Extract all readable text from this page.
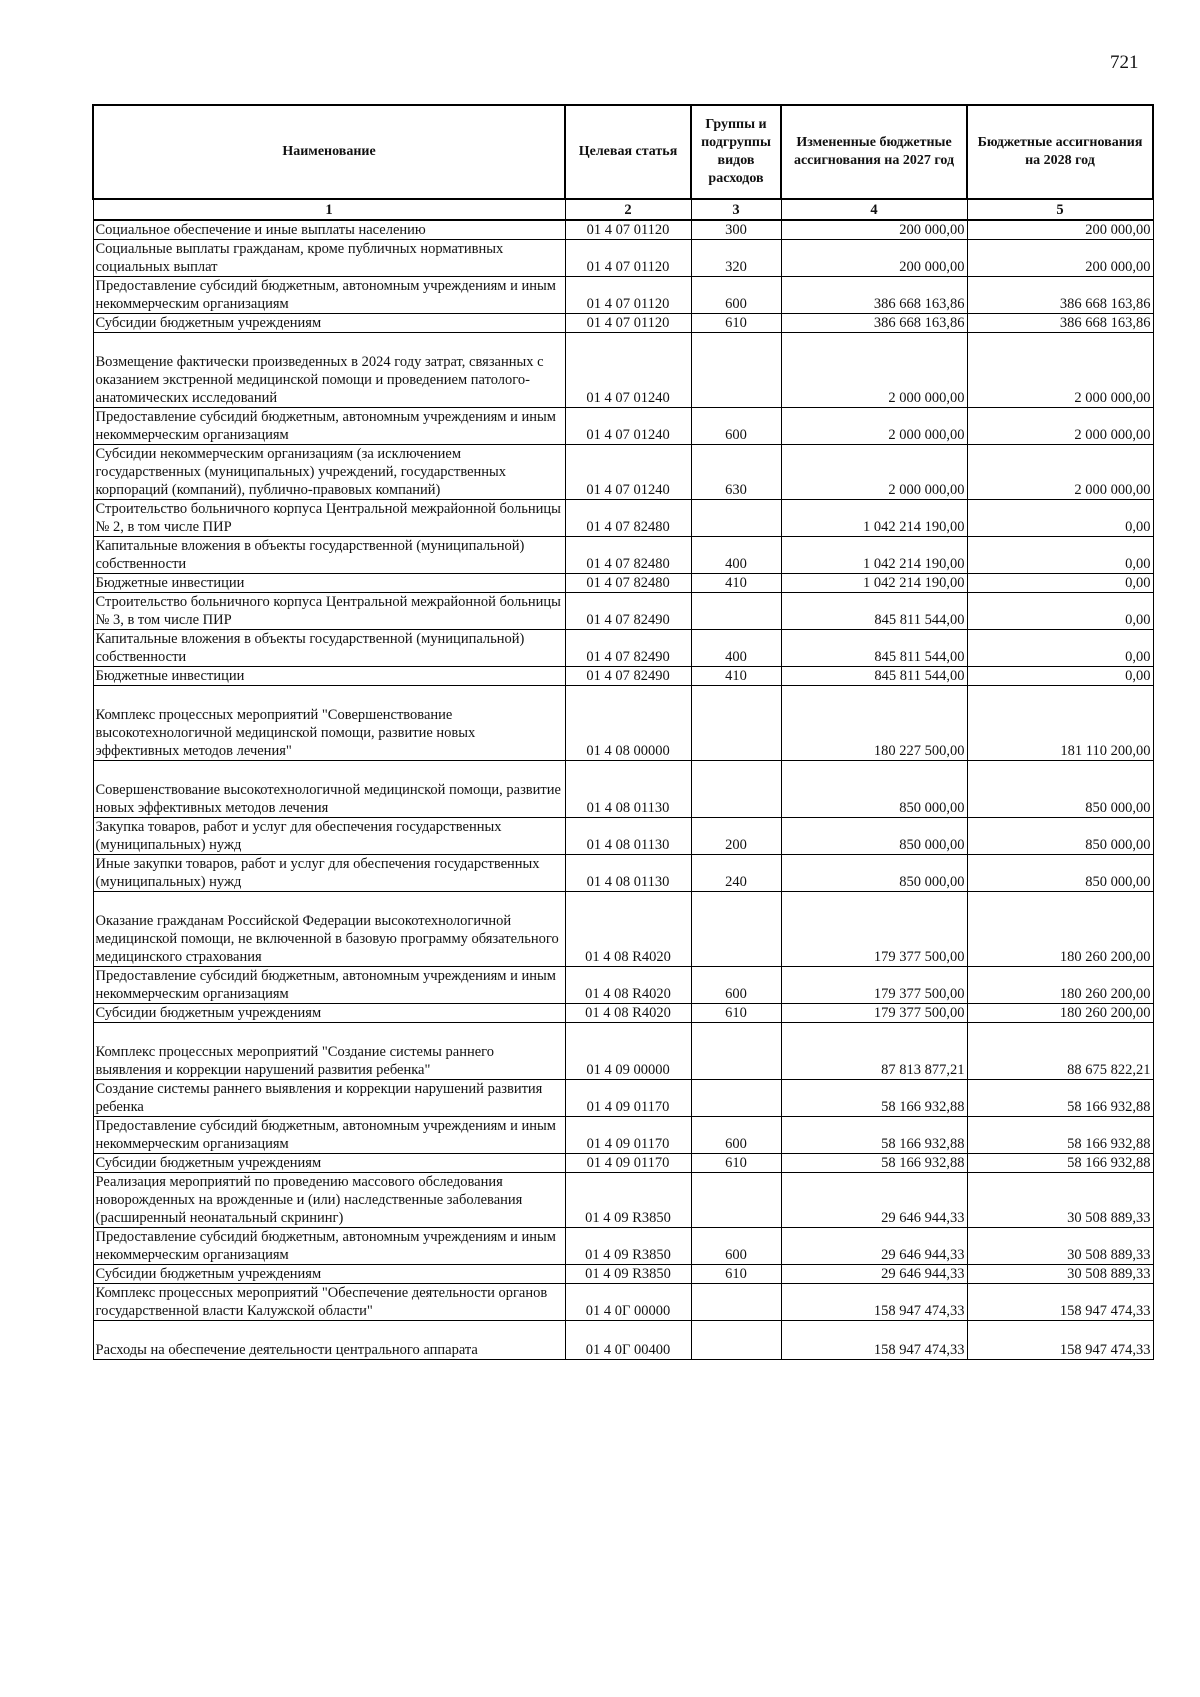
721
Наименование	Целевая статья	Группы и подгруппы видов расходов	Измененные бюджетные ассигнования на 2027 год	Бюджетные ассигнования на 2028 год
1	2	3	4	5
Социальное обеспечение и иные выплаты населению	01 4 07 01120	300	200 000,00	200 000,00
Социальные выплаты гражданам, кроме публичных нормативных социальных выплат	01 4 07 01120	320	200 000,00	200 000,00
Предоставление субсидий бюджетным, автономным учреждениям и иным некоммерческим организациям	01 4 07 01120	600	386 668 163,86	386 668 163,86
Субсидии бюджетным учреждениям	01 4 07 01120	610	386 668 163,86	386 668 163,86
Возмещение фактически произведенных в 2024 году затрат, связанных с оказанием экстренной медицинской помощи и проведением патолого-анатомических исследований	01 4 07 01240		2 000 000,00	2 000 000,00
Предоставление субсидий бюджетным, автономным учреждениям и иным некоммерческим организациям	01 4 07 01240	600	2 000 000,00	2 000 000,00
Субсидии некоммерческим организациям (за исключением государственных (муниципальных) учреждений, государственных корпораций (компаний), публично-правовых компаний)	01 4 07 01240	630	2 000 000,00	2 000 000,00
Строительство больничного корпуса Центральной межрайонной больницы № 2, в том числе ПИР	01 4 07 82480		1 042 214 190,00	0,00
Капитальные вложения в объекты государственной (муниципальной) собственности	01 4 07 82480	400	1 042 214 190,00	0,00
Бюджетные инвестиции	01 4 07 82480	410	1 042 214 190,00	0,00
Строительство больничного корпуса Центральной межрайонной больницы № 3, в том числе ПИР	01 4 07 82490		845 811 544,00	0,00
Капитальные вложения в объекты государственной (муниципальной) собственности	01 4 07 82490	400	845 811 544,00	0,00
Бюджетные инвестиции	01 4 07 82490	410	845 811 544,00	0,00
Комплекс процессных мероприятий "Совершенствование высокотехнологичной медицинской помощи, развитие новых эффективных методов лечения"	01 4 08 00000		180 227 500,00	181 110 200,00
Совершенствование высокотехнологичной медицинской помощи, развитие новых эффективных методов лечения	01 4 08 01130		850 000,00	850 000,00
Закупка товаров, работ и услуг для обеспечения государственных (муниципальных) нужд	01 4 08 01130	200	850 000,00	850 000,00
Иные закупки товаров, работ и услуг для обеспечения государственных (муниципальных) нужд	01 4 08 01130	240	850 000,00	850 000,00
Оказание гражданам Российской Федерации высокотехнологичной медицинской помощи, не включенной в базовую программу обязательного медицинского страхования	01 4 08 R4020		179 377 500,00	180 260 200,00
Предоставление субсидий бюджетным, автономным учреждениям и иным некоммерческим организациям	01 4 08 R4020	600	179 377 500,00	180 260 200,00
Субсидии бюджетным учреждениям	01 4 08 R4020	610	179 377 500,00	180 260 200,00
Комплекс процессных мероприятий "Создание системы раннего выявления и коррекции нарушений развития ребенка"	01 4 09 00000		87 813 877,21	88 675 822,21
Создание системы раннего выявления и коррекции нарушений развития ребенка	01 4 09 01170		58 166 932,88	58 166 932,88
Предоставление субсидий бюджетным, автономным учреждениям и иным некоммерческим организациям	01 4 09 01170	600	58 166 932,88	58 166 932,88
Субсидии бюджетным учреждениям	01 4 09 01170	610	58 166 932,88	58 166 932,88
Реализация мероприятий по проведению массового обследования новорожденных на врожденные и (или) наследственные заболевания (расширенный неонатальный скрининг)	01 4 09 R3850		29 646 944,33	30 508 889,33
Предоставление субсидий бюджетным, автономным учреждениям и иным некоммерческим организациям	01 4 09 R3850	600	29 646 944,33	30 508 889,33
Субсидии бюджетным учреждениям	01 4 09 R3850	610	29 646 944,33	30 508 889,33
Комплекс процессных мероприятий "Обеспечение деятельности органов государственной власти Калужской области"	01 4 0Г 00000		158 947 474,33	158 947 474,33
Расходы на обеспечение деятельности центрального аппарата	01 4 0Г 00400		158 947 474,33	158 947 474,33
